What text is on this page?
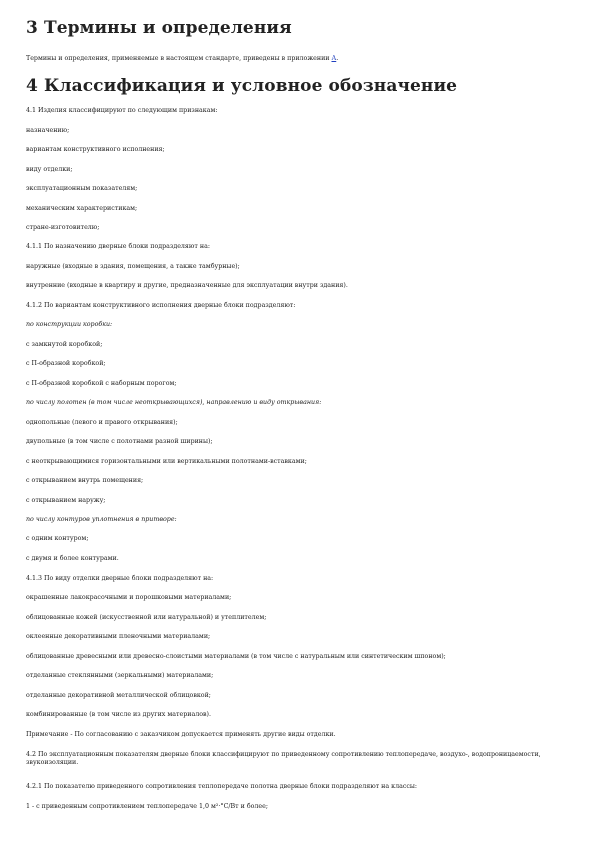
3 Термины и определения

Термины и определения, применяемые в настоящем стандарте, приведены в приложении А.

4 Классификация и условное обозначение

4.1 Изделия классифицируют по следующим признакам:

назначению;

вариантам конструктивного исполнения;

виду отделки;

эксплуатационным показателям;

механическим характеристикам;

стране-изготовителю;

4.1.1 По назначению дверные блоки подразделяют на:

наружные (входные в здания, помещения, а также тамбурные);

внутренние (входные в квартиру и другие, предназначенные для эксплуатации внутри здания).

4.1.2 По вариантам конструктивного исполнения дверные блоки подразделяют:

по конструкции коробки:

с замкнутой коробкой;

с П-образной коробкой;

с П-образной коробкой с наборным порогом;

по числу полотен (в том числе неоткрывающихся), направлению и виду открывания:

однопольные (левого и правого открывания);

двупольные (в том числе с полотнами разной ширины);

с неоткрывающимися горизонтальными или вертикальными полотнами-вставками;

с открыванием внутрь помещения;

с открыванием наружу;

по числу контуров уплотнения в притворе:

с одним контуром;

с двумя и более контурами.

4.1.3 По виду отделки дверные блоки подразделяют на:

окрашенные лакокрасочными и порошковыми материалами;

облицованные кожей (искусственной или натуральной) и утеплителем;

оклеенные декоративными пленочными материалами;

облицованные древесными или древесно-слоистыми материалами (в том числе с натуральным или синтетическим шпоном);

отделанные стеклянными (зеркальными) материалами;

отделанные декоративной металлической облицовкой;

комбинированные (в том числе из других материалов).

Примечание - По согласованию с заказчиком допускается применять другие виды отделки.

4.2 По эксплуатационным показателям дверные блоки классифицируют по приведенному сопротивлению теплопередаче, воздухо-, водопроницаемости, звукоизоляции.

4.2.1 По показателю приведенного сопротивления теплопередаче полотна дверные блоки подразделяют на классы:

1 - с приведенным сопротивлением теплопередаче 1,0 м²·°С/Вт и более;
